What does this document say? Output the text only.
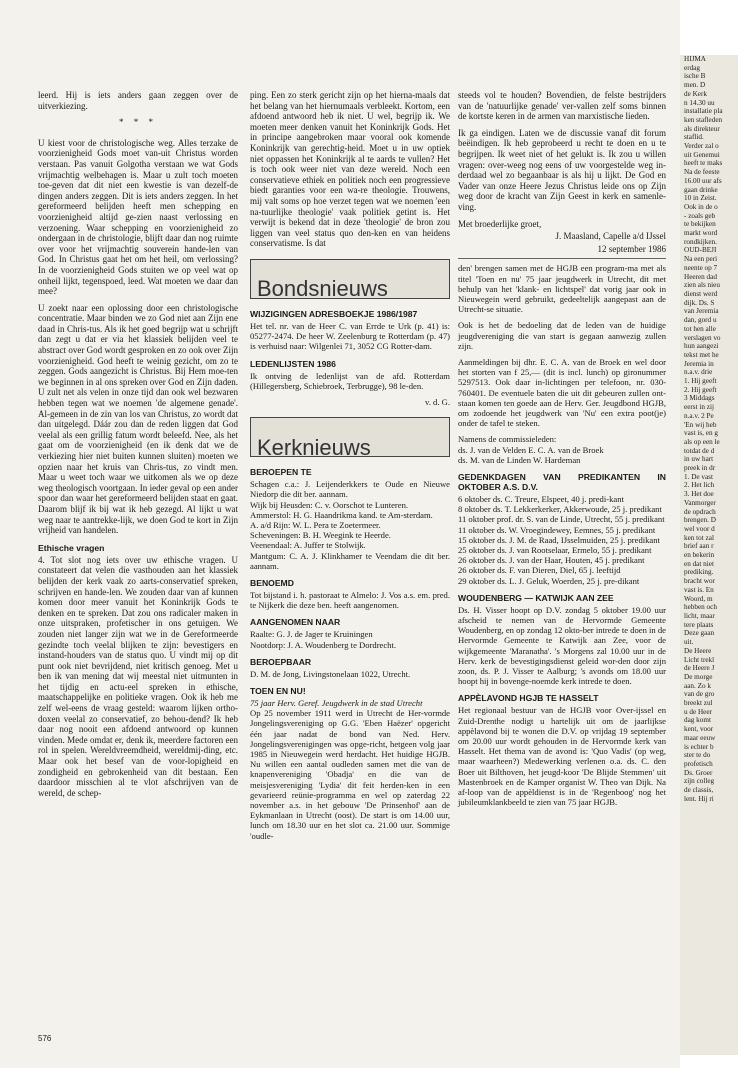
leerd. Hij is iets anders gaan zeggen over de uitverkiezing.

* * *

U kiest voor de christologische weg. Alles terzake de voorzienigheid Gods moet van-uit Christus worden verstaan. Pas vanuit Golgotha verstaan we wat Gods vrijmachtig welbehagen is. Maar u zult toch moeten toe-geven dat dit niet een kwestie is van dezelf-de dingen anders zeggen. Dit is iets anders zeggen. In het gereformeerd belijden heeft men schepping en voorzienigheid altijd ge-zien naast verlossing en verzoening. Waar schepping en voorzienigheid zo ondergaan in de christologie, blijft daar dan nog ruimte over voor het vrijmachtig souverein hande-len van God. In Christus gaat het om het heil, om verlossing? In de voorzienigheid Gods stuiten we op veel wat op onheil lijkt, tegenspoed, leed. Wat moeten we daar dan mee?

U zoekt naar een oplossing door een christologische concentratie. Maar binden we zo God niet aan Zijn ene daad in Chris-tus. Als ik het goed begrijp wat u schrijft dan zegt u dat er via het klassiek belijden veel te abstract over God wordt gesproken en zo ook over Zijn voorzienigheid. God heeft te weinig gezicht, om zo te zeggen. Gods aangezicht is Christus. Bij Hem moe-ten we beginnen in al ons spreken over God en Zijn daden. U zult net als velen in onze tijd dan ook wel bezwaren hebben tegen wat we noemen 'de algemene genade'. Al-gemeen in de zin van los van Christus, zo wordt dat dan uitgelegd. Dáár zou dan de reden liggen dat God veelal als een grillig fatum wordt beleefd. Nee, als het gaat om de voorzienigheid (en ik denk dat we de verkiezing hier niet buiten kunnen sluiten) moeten we opzien naar het kruis van Chris-tus, zo vindt men. Maar u weet toch waar we uitkomen als we op deze weg theologisch voortgaan. In ieder geval op een ander spoor dan waar het gereformeerd belijden staat en gaat. Daarom blijf ik bij wat ik heb gezegd. Al lijkt u wat weg naar te aantrekke-lijk, we doen God te kort in Zijn vrijheid van handelen.

Ethische vragen

4. Tot slot nog iets over uw ethische vragen. U constateert dat velen die vasthouden aan het klassiek belijden der kerk vaak zo aarts-conservatief spreken, schrijven en hande-len. We zouden daar van af kunnen komen door meer vanuit het Koninkrijk Gods te denken en te spreken. Dat zou ons radicaler maken in onze uitspraken, profetischer in ons getuigen. We zouden niet langer zijn wat we in de Gereformeerde gezindte toch veelal blijken te zijn: bevestigers en instand-houders van de status quo. U vindt mij op dit punt ook niet bevrijdend, niet kritisch genoeg. Met u ben ik van mening dat wij meestal niet uitmunten in het tijdig en actu-eel spreken in ethische, maatschappelijke en politieke vragen. Ook ik heb me zelf wel-eens de vraag gesteld: waarom lijken ortho-doxen veelal zo conservatief, zo behou-dend? Ik heb daar nog nooit een afdoend antwoord op kunnen vinden. Mede omdat er, denk ik, meerdere factoren een rol in spelen. Wereldvreemdheid, wereldmij-ding, etc. Maar ook het besef van de voor-lopigheid en zondigheid en gebrokenheid van dit bestaan. Een daardoor misschien al te vlot afschrijven van de wereld, de schep-

ping. Een zo sterk gericht zijn op het hierna-maals dat het belang van het hiernumaals verbleekt. Kortom, een afdoend antwoord heb ik niet. U wel, begrijp ik. We moeten meer denken vanuit het Koninkrijk Gods. Het in principe aangebroken maar vooral ook komende Koninkrijk van gerechtig-heid. Moet u in uw optiek niet oppassen het Koninkrijk al te aards te vullen? Het is toch ook weer niet van deze wereld. Noch een conservatieve ethiek en politiek noch een progressieve biedt garanties voor een wa-re theologie. Trouwens, mij valt soms op hoe verzet tegen wat we noemen 'een na-tuurlijke theologie' vaak politiek getint is. Het verwijt is bekend dat in deze 'theologie' de bron zou liggen van veel status quo den-ken en van heidens conservatisme. Is dat

Bondsnieuws
WIJZIGINGEN ADRESBOEKJE 1986/1987

Het tel. nr. van de Heer C. van Errde te Urk (p. 41) is: 05277-2474. De heer W. Zeelenburg te Rotterdam (p. 47) is verhuisd naar: Wilgenlei 71, 3052 CG Rotter-dam.

LEDENLIJSTEN 1986

Ik ontving de ledenlijst van de afd. Rotterdam (Hillegersberg, Schiebroek, Terbrugge), 98 le-den.

v. d. G.
Kerknieuws
BEROEPEN TE
Schagen c.a.: J. Leijenderkkers te Oude en Nieuwe Niedorp die dit ber. aannam.
Wijk bij Heusden: C. v. Oorschot te Lunteren.
Ammerstol: H. G. Haandrikma kand. te Am-sterdam.
A. a/d Rijn: W. L. Pera te Zoetermeer.
Scheveningen: B. H. Weegink te Heerde.
Veenendaal: A. Juffer te Stolwijk.
Mantgum: C. A. J. Klinkhamer te Veendam die dit ber. aannam.
BENOEMD

Tot bijstand i. h. pastoraat te Almelo: J. Vos a.s. em. pred. te Nijkerk die deze ben. heeft aangenomen.

AANGENOMEN NAAR
Raalte: G. J. de Jager te Kruiningen
Nootdorp: J. A. Woudenberg te Dordrecht.
BEROEPBAAR

D. M. de Jong, Livingstonelaan 1022, Utrecht.

TOEN EN NU!
75 jaar Herv. Geref. Jeugdwerk in de stad Utrecht

Op 25 november 1911 werd in Utrecht de Her-vormde Jongelingsvereniging op G.G. 'Eben Haëzer' opgericht één jaar nadat de bond van Ned. Herv. Jongelingsverenigingen was opge-richt, hetgeen volg jaar 1985 in Nieuwegein werd herdacht. Het huidige HGJB. Nu willen een aantal oudleden samen met die van de knapenvereniging 'Obadja' en die van de meisjesvereniging 'Lydia' dit feit herden-ken in een gevarieerd reünie-programma en wel op zaterdag 22 november a.s. in het gebouw 'De Prinsenhof' aan de Eykmanlaan in Utrecht (oost). De start is om 14.00 uur, lunch om 18.30 uur en het slot ca. 21.00 uur. Sommige 'oudle-

steeds vol te houden? Bovendien, de felste bestrijders van de 'natuurlijke genade' ver-vallen zelf soms binnen de kortste keren in de armen van marxistische lieden.

Ik ga eindigen. Laten we de discussie vanaf dit forum beëindigen. Ik heb geprobeerd u recht te doen en u te begrijpen. Ik weet niet of het gelukt is. Ik zou u willen vragen: over-weeg nog eens of uw voorgestelde weg in-derdaad wel zo begaanbaar is als hij u lijkt. De God en Vader van onze Heere Jezus Christus leide ons op Zijn weg door de kracht van Zijn Geest in kerk en samenle-ving.

Met broederlijke groet,
J. Maasland, Capelle a/d IJssel
12 september 1986

den' brengen samen met de HGJB een program-ma met als titel 'Toen en nu' 75 jaar jeugdwerk in Utrecht, dit met behulp van het 'klank- en lichtspel' dat vorig jaar ook in Nieuwegein werd gebruikt, gedeeltelijk aangepast aan de Utrecht-se situatie.

Ook is het de bedoeling dat de leden van de huidige jeugdvereniging die van start is gegaan aanwezig zullen zijn.

Aanmeldingen bij dhr. E. C. A. van de Broek en wel door het storten van f 25,— (dit is incl. lunch) op gironummer 5297513. Ook daar in-lichtingen per telefoon, nr. 030-760401. De eventuele baten die uit dit gebeuren zullen ont-staan komen ten goede aan de Herv. Ger. Jeugdbond HGJB, om zodoende het jeugdwerk van 'Nu' een extra poot(je) onder de tafel te steken.

Namens de commissieleden:
ds. J. van de Velden E. C. A. van de Broek
ds. M. van de Linden W. Hardeman
GEDENKDAGEN VAN PREDIKANTEN IN OKTOBER A.S. D.V.
6 oktober ds. C. Treure, Elspeet, 40 j. predi-kant
8 oktober ds. T. Lekkerkerker, Akkerwoude, 25 j. predikant
11 oktober prof. dr. S. van de Linde, Utrecht, 55 j. predikant
11 oktober ds. W. Vroegindewey, Eemnes, 55 j. predikant
15 oktober ds. J. M. de Raad, IJsselmuiden, 25 j. predikant
25 oktober ds. J. van Rootselaar, Ermelo, 55 j. predikant
26 oktober ds. J. van der Haar, Houten, 45 j. predikant
26 oktober ds. F. van Dieren, Diel, 65 j. leeftijd
29 oktober ds. L. J. Geluk, Woerden, 25 j. pre-dikant
WOUDENBERG — KATWIJK AAN ZEE

Ds. H. Visser hoopt op D.V. zondag 5 oktober 19.00 uur afscheid te nemen van de Hervormde Gemeente Woudenberg, en op zondag 12 okto-ber intrede te doen in de Hervormde Gemeente te Katwijk aan Zee, voor de wijkgemeente 'Maranatha'. 's Morgens zal 10.00 uur in de Herv. kerk de bevestigingsdienst geleid wor-den door zijn zoon, ds. P. J. Visser te Aalburg; 's avonds om 18.00 uur hoopt hij in bovenge-noemde kerk intrede te doen.

APPÈLAVOND HGJB TE HASSELT

Het regionaal bestuur van de HGJB voor Over-ijssel en Zuid-Drenthe nodigt u hartelijk uit om de jaarlijkse appèlavond bij te wonen die D.V. op vrijdag 19 september om 20.00 uur wordt gehouden in de Hervormde kerk van Hasselt. Het thema van de avond is: 'Quo Vadis' (op weg, maar waarheen?) Medewerking verlenen o.a. ds. C. den Boer uit Bilthoven, het jeugd-koor 'De Blijde Stemmen' uit Mastenbroek en de Kamper organist W. Theo van Dijk. Na af-loop van de appèldienst is in de 'Regenboog' nog het jubileumklankbeeld te zien van 75 jaar HGJB.

576
HIJMA
erdag
ische B
men. D
de Kerk
n 14.30 uu
installatie pla
ken stafleden
als direkteur
staflid.
Verder zal o
uit Genemui
heeft te maks
Na de feeste
16.00 uur afs
gaan drinke
10 in Zeist.
Ook in de o
- zoals geb
te bekijken
markt word
rondkijken.
OUD-BEJI
Na een peri
neente op 7
Heeren dad
zien als nieu
dienst werd
dijk. Ds. S
van Jeremia
dan, gord u
tot hen alle
verslagen vo
hun aangezi
tekst met he
Jeremia in
n.a.v. drie
1. Hij geeft
2. Hij geeft
3 Middags
eerst in zij
n.a.v. 2 Pe
'En wij heb
vast is, en g
als op een le
totdat de d
in uw hart
preek in dr
1. De vast
2. Het lich
3. Het doe
Vanmorger
de opdrach
brengen. D
wel voor d
ken tot zal
brief aan r
en bekerin
en dat niet
prediking.
bracht wor
vast is. En
Woord, m
hebben och
licht, maar
tere plaats
Deze gaan
uit.
De Heere
Licht trekl
de Heere J
De morge
aan. Zo k
van de gro
breekt zul
u de Heer
dag komt
kent, voor
maar eeuw
is echter b
ster te do
profetisch
Ds. Groer
zijn colleg
de classis,
lent. Hij ri
